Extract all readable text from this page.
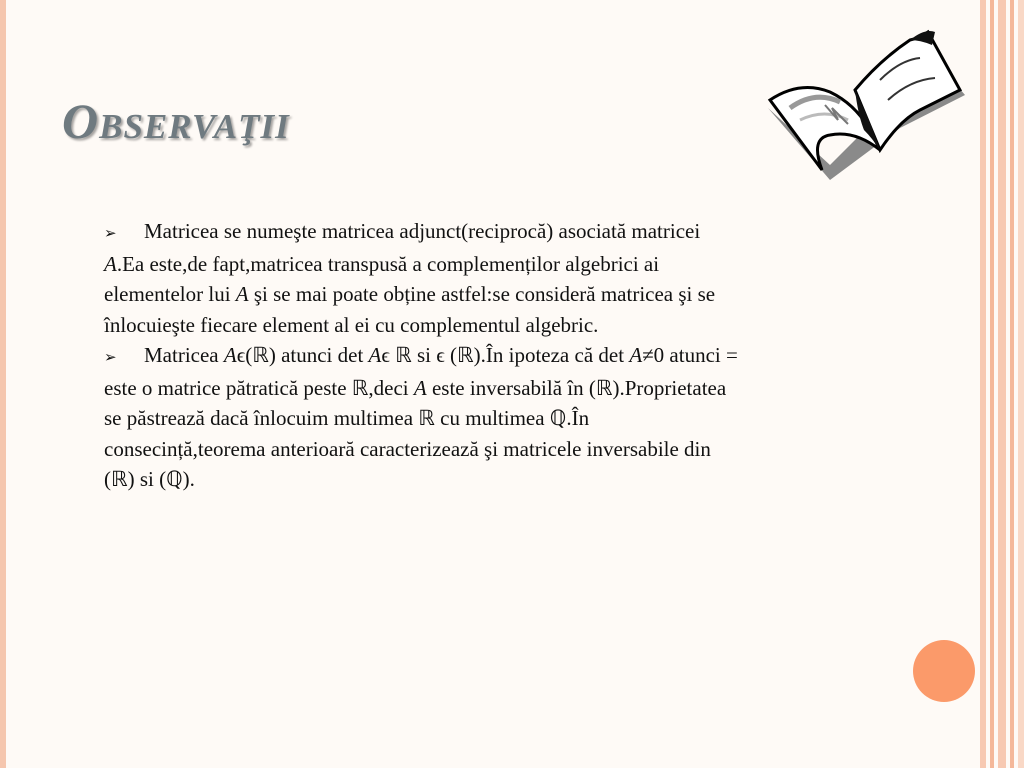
Observaţii

➢ Matricea se numeşte matricea adjunct(reciprocă) asociată matricei A.Ea este,de fapt,matricea transpusă a complemenților algebrici ai elementelor lui A şi se mai poate obține astfel:se consideră matricea şi se înlocuieşte fiecare element al ei cu complementul algebric.

➢ Matricea Aϵ(ℝ) atunci det Aϵ ℝ si ϵ (ℝ).În ipoteza că det A≠0 atunci = este o matrice pătratică peste ℝ,deci A este inversabilă în (ℝ).Proprietatea se păstrează dacă înlocuim multimea ℝ cu multimea ℚ.În consecință,teorema anterioară caracterizează şi matricele inversabile din (ℝ) si (ℚ).
